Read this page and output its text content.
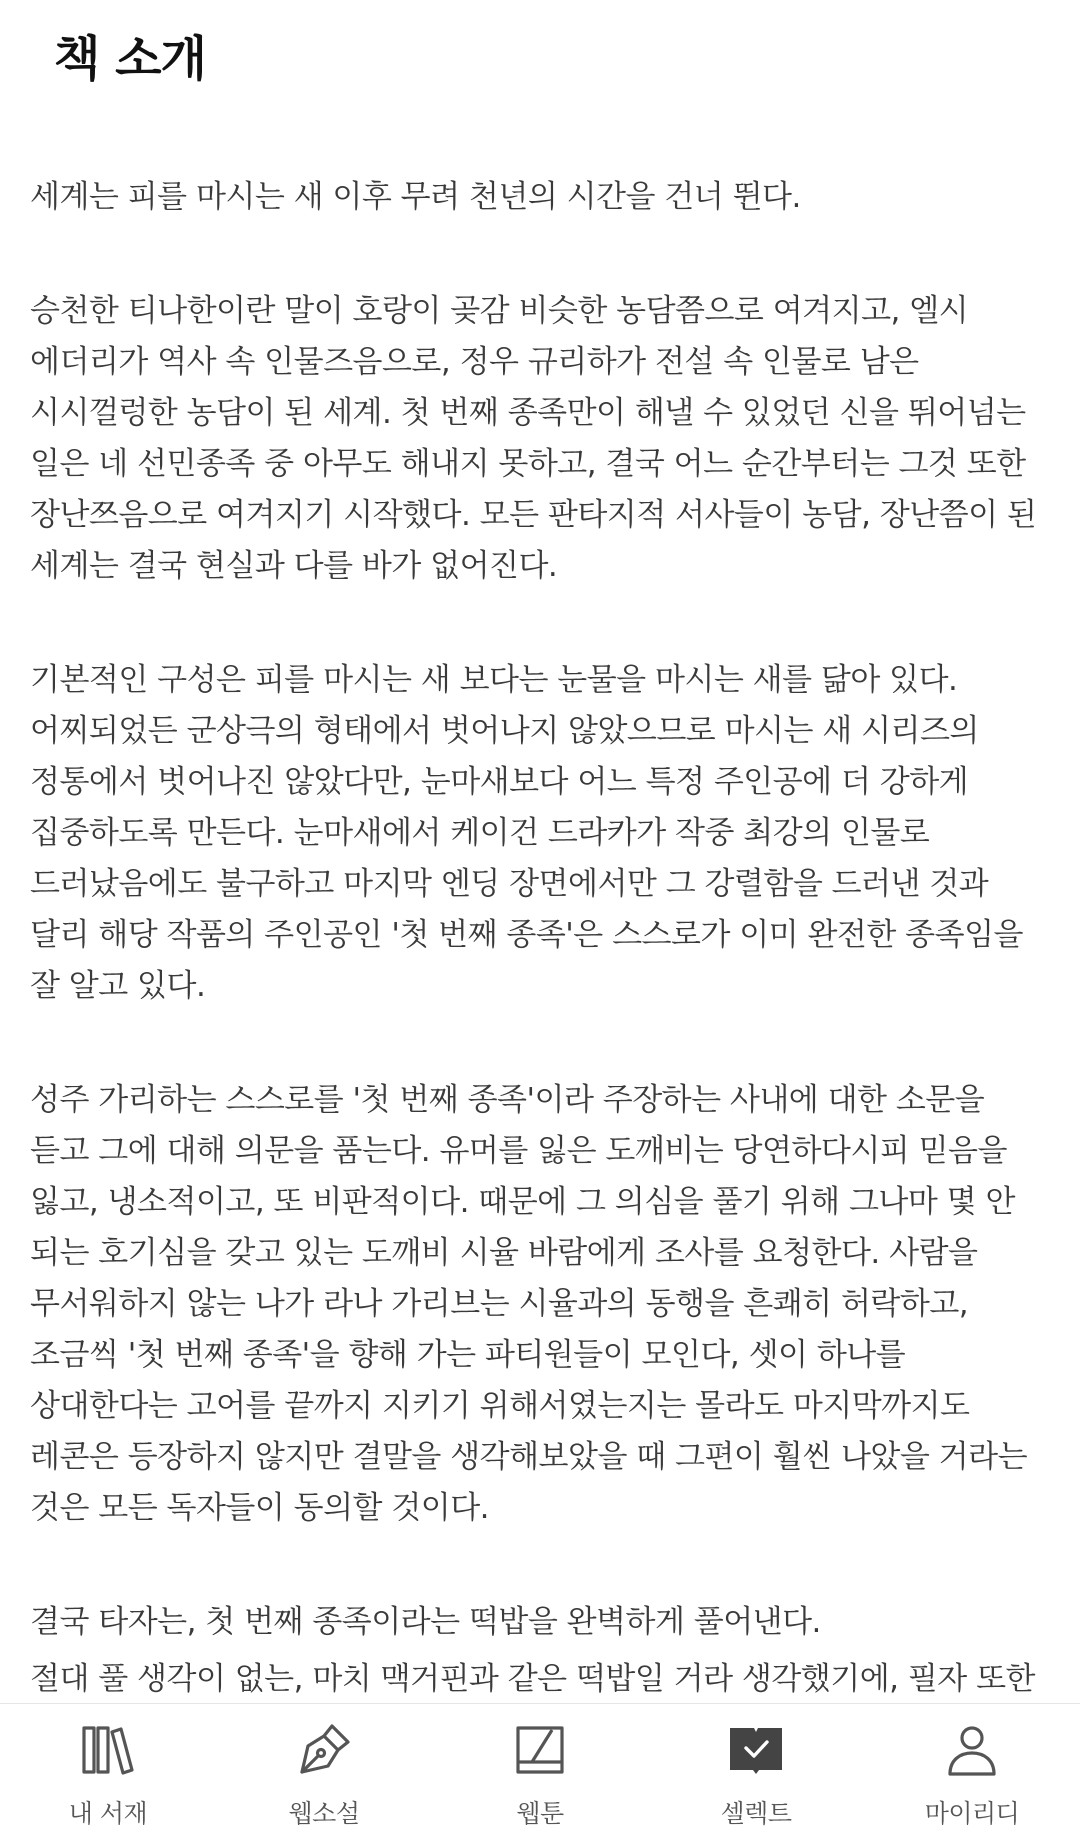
책 소개

세계는 피를 마시는 새 이후 무려 천년의 시간을 건너 뛴다.

승천한 티나한이란 말이 호랑이 곶감 비슷한 농담쯤으로 여겨지고, 엘시 에더리가 역사 속 인물즈음으로, 정우 규리하가 전설 속 인물로 남은 시시껄렁한 농담이 된 세계. 첫 번째 종족만이 해낼 수 있었던 신을 뛰어넘는 일은 네 선민종족 중 아무도 해내지 못하고, 결국 어느 순간부터는 그것 또한 장난쯔음으로 여겨지기 시작했다. 모든 판타지적 서사들이 농담, 장난쯤이 된 세계는 결국 현실과 다를 바가 없어진다.

기본적인 구성은 피를 마시는 새 보다는 눈물을 마시는 새를 닮아 있다. 어찌되었든 군상극의 형태에서 벗어나지 않았으므로 마시는 새 시리즈의 정통에서 벗어나진 않았다만, 눈마새보다 어느 특정 주인공에 더 강하게 집중하도록 만든다. 눈마새에서 케이건 드라카가 작중 최강의 인물로 드러났음에도 불구하고 마지막 엔딩 장면에서만 그 강렬함을 드러낸 것과 달리 해당 작품의 주인공인 '첫 번째 종족'은 스스로가 이미 완전한 종족임을 잘 알고 있다.

성주 가리하는 스스로를 '첫 번째 종족'이라 주장하는 사내에 대한 소문을 듣고 그에 대해 의문을 품는다. 유머를 잃은 도깨비는 당연하다시피 믿음을 잃고, 냉소적이고, 또 비판적이다. 때문에 그 의심을 풀기 위해 그나마 몇 안 되는 호기심을 갖고 있는 도깨비 시율 바람에게 조사를 요청한다. 사람을 무서워하지 않는 나가 라나 가리브는 시율과의 동행을 흔쾌히 허락하고, 조금씩 '첫 번째 종족'을 향해 가는 파티원들이 모인다, 셋이 하나를 상대한다는 고어를 끝까지 지키기 위해서였는지는 몰라도 마지막까지도 레콘은 등장하지 않지만 결말을 생각해보았을 때 그편이 훨씬 나았을 거라는 것은 모든 독자들이 동의할 것이다.

결국 타자는, 첫 번째 종족이라는 떡밥을 완벽하게 풀어낸다.

절대 풀 생각이 없는, 마치 맥거핀과 같은 떡밥일 거라 생각했기에, 필자 또한

내 서재	웹소설	웹툰	셀렉트	마이리디
